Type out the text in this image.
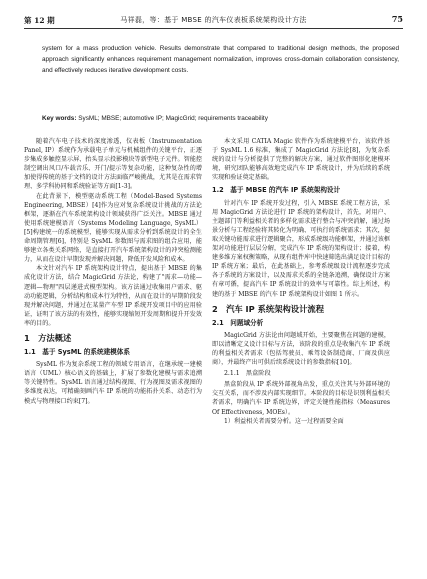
第 12 期	马祥磊，等：基于 MBSE 的汽车仪表板系统架构设计方法	75

system for a mass production vehicle. Results demonstrate that compared to traditional design methods, the proposed approach significantly enhances requirement management normalization, improves cross-domain collaboration consistency, and effectively reduces iterative development costs.

Key words: SysML; MBSE; automotive IP; MagicGrid; requirements traceability

随着汽车电子技术的深度渗透，仪表板（Instrumentation Panel, IP）系统作为承载电子单元与机械组件的关键平台，正逐步集成多触控显示屏、抬头显示投影模块等新型电子元件。智能控制空调出风口/车载音乐、开门/提示等复杂功能，这种复杂性的增加使得传统的基于文档的设计方法面临严峻挑战，尤其是在需求管理、多学科协同和系统验证等方面[1-3]。

在此背景下，模型驱动系统工程（Model-Based Systems Engineering, MBSE）[4]作为应对复杂系统设计挑战的方法论框架，逐渐在汽车系统架构设计领域获得广泛关注。MBSE 通过使用系统建模语言（Systems Modeling Language, SysML）[5]构建统一的系统模型，能够实现从需求分析到系统设计的全生命周期管理[6]，特别是 SysML 参数图与需求图的组合应用，能够建立各类关系网络，是直接打开汽车系统架构设计的冲突检测能力，从而在设计早期发现并解决问题，降低开发风险和成本。

本文针对汽车 IP 系统架构设计特点，提出基于 MBSE 的集成化设计方法，结合 MagicGrid 方法论，构建了"需求—功能—逻辑—物理"四层递进式模型架构。该方法通过收集用户需求、驱动功能逻辑，分析结构和成本行为特性，从而在设计的早期阶段发现并解决问题，并通过在某量产车型 IP 系统开发项目中的应用验证，证明了该方法的有效性，能够实现缩短开发周期和提升开发效率的目的。

1　方法概述
1.1　基于 SysML 的系统建模体系

SysML 作为复杂系统工程的领域专用语言，在继承统一建模语言（UML）核心语义的基础上，扩展了参数化建模与需求追溯等关键特性。SysML 语言通过结构视图、行为视图及需求视图的多维度表达，可精确刻画汽车 IP 系统的功能拓扑关系、动态行为模式与物理接口约束[7]。

本文采用 CATIA Magic 软件作为系统建模平台，该软件基于 SysML 1.6 标准，集成了 MagicGrid 方法论[8]，为复杂系统的设计与分析提供了完整的解决方案，通过软件图形化建模环境，研究团队能够高效地完成汽车 IP 系统设计，并为后续的系统实现和验证奠定基础。

1.2　基于 MBSE 的汽车 IP 系统架构设计

针对汽车 IP 系统开发过程，引入 MBSE 系统工程方法，采用 MagicGrid 方法论进行 IP 系统的架构设计，首先，对用户、主题部门等利益相关者的多样化需求进行整合与冲突消解，通过场景分析与工程经验将其转化为明确、可执行的系统需求；其次，提取关键功能需求进行逻辑聚合，形成系统级功能框架，并通过该框架对功能进行层层分解，完成汽车 IP 系统的架构设计；接着，构建多维方案权衡策略，从现有组件库中快速筛选出满足设计目标的 IP 系统方案；最后，在此基础上，参考系统级设计流程逐步完成各子系统的方案设计，以及需求关系的全链条追溯，确保设计方案有章可循，提高汽车 IP 系统设计的效率与可靠性。综上所述，构建的基于 MBSE 的汽车 IP 系统架构设计如图 1 所示。

2　汽车 IP 系统架构设计流程
2.1　问题域分析

MagicGrid 方法论由问题域开始，主要聚焦在问题的建模，即以清晰定义设计目标与方法，该阶段的重点是收集汽车 IP 系统的利益相关者需求（包括驾驶员、乘驾设备制造商、厂商及供应商），并最终产出可供后续系统设计的参数指标[10]。

2.1.1　黑盒阶段

黑盒阶段从 IP 系统外部视角出发，重点关注其与外部环境的交互关系，而不涉及内部实现细节。本阶段的目标是识别利益相关者需求，明确汽车 IP 系统边界，评定关键性能指标（Measures Of Effectiveness, MOEs）。

1）利益相关者需要分析。这一过程需要全面
